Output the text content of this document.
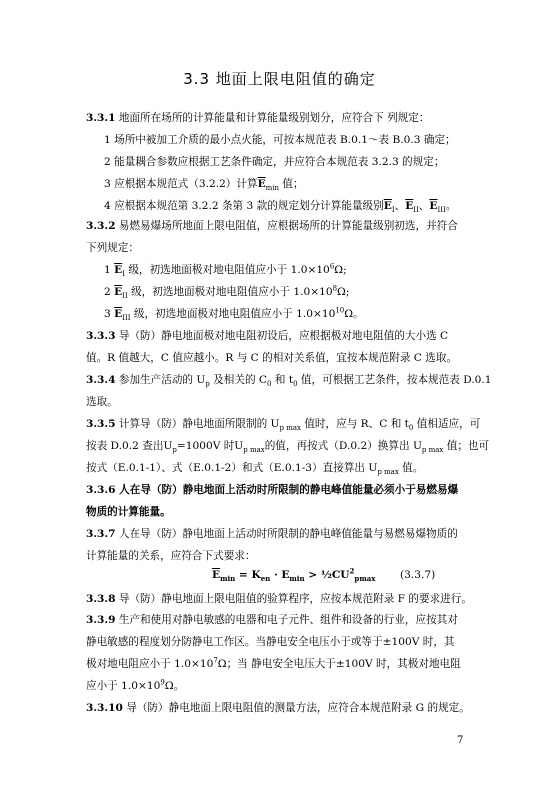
3.3 地面上限电阻值的确定
3.3.1 地面所在场所的计算能量和计算能量级别划分，应符合下 列规定：
1 场所中被加工介质的最小点火能，可按本规范表 B.0.1～表 B.0.3 确定；
2 能量耦合参数应根据工艺条件确定，并应符合本规范表 3.2.3 的规定；
3 应根据本规范式（3.2.2）计算$\overline{E}_{min}$ 值；
4 应根据本规范第 3.2.2 条第 3 款的规定划分计算能量级别$\overline{E}_I$、$\overline{E}_{II}$、$\overline{E}_{III}$。
3.3.2 易燃易爆场所地面上限电阻值，应根据场所的计算能量级别初选，并符合
下列规定：
1 $\overline{E}_I$ 级，初选地面极对地电阻值应小于 $1.0\times 10^6\Omega$;
2 $\overline{E}_{II}$ 级，初选地面极对地电阻值应小于 $1.0\times 10^8\Omega$;
3 $\overline{E}_{III}$ 级，初选地面极对地电阻值应小于 $1.0\times 10^{10}\Omega$。
3.3.3 导（防）静电地面极对地电阻初设后，应根据极对地电阻值的大小选 C
值。R 值越大，C 值应越小。R 与 C 的相对关系值，宜按本规范附录 C 选取。
3.3.4 参加生产活动的 $U_p$ 及相关的 $C_0$ 和 $t_0$ 值，可根据工艺条件，按本规范表 D.0.1
选取。
3.3.5 计算导（防）静电地面所限制的 $U_{p max}$ 值时，应与 R、C 和 $t_0$ 值相适应，可
按表 D.0.2 查出$U_p=1000V$ 时$U_{p max}$的值，再按式（D.0.2）换算出 $U_{p max}$ 值；也可
按式（E.0.1-1）、式（E.0.1-2）和式（E.0.1-3）直接算出 $U_{p max}$ 值。
3.3.6 人在导（防）静电地面上活动时所限制的静电峰值能量必须小于易燃易爆
物质的计算能量。
3.3.7 人在导（防）静电地面上活动时所限制的静电峰值能量与易燃易爆物质的
计算能量的关系，应符合下式要求：
$\overline{E}_{min} = K_{en} \cdot E_{min}$ > $\frac{1}{2}CU^2_{pmax}$	(3.3.7)
3.3.8 导（防）静电地面上限电阻值的验算程序，应按本规范附录 F 的要求进行。
3.3.9 生产和使用对静电敏感的电器和电子元件、组件和设备的行业，应按其对
静电敏感的程度划分防静电工作区。当静电安全电压小于或等于±100V 时，其
极对地电阻应小于 $1.0\times 10^7\Omega$；当 静电安全电压大于±100V 时，其极对地电阻
应小于 $1.0\times 10^9\Omega$。
3.3.10 导（防）静电地面上限电阻值的测量方法，应符合本规范附录 G 的规定。
7
